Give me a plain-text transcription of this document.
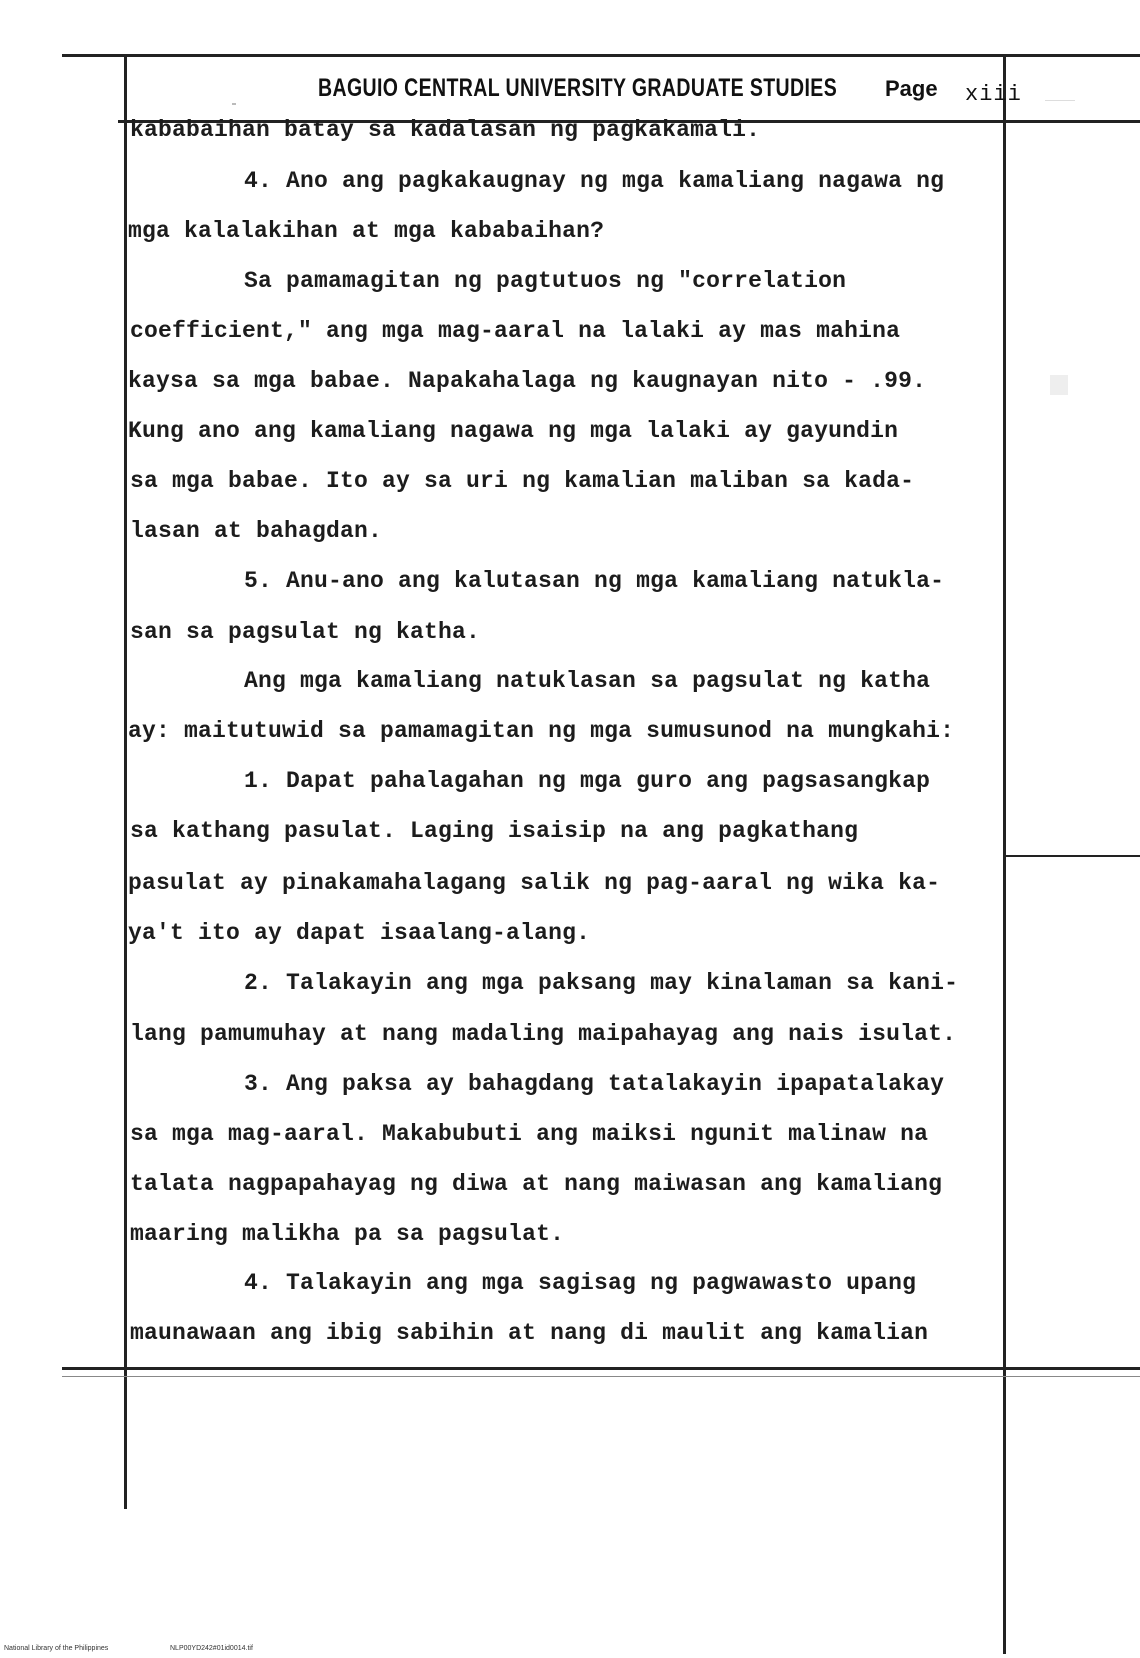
BAGUIO CENTRAL UNIVERSITY GRADUATE STUDIES Page xiii
kababaihan batay sa kadalasan ng pagkakamali.
4. Ano ang pagkakaugnay ng mga kamaliang nagawa ng
mga kalalakihan at mga kababaihan?
Sa pamamagitan ng pagtutuos ng "correlation
coefficient," ang mga mag-aaral na lalaki ay mas mahina
kaysa sa mga babae. Napakahalaga ng kaugnayan nito - .99.
Kung ano ang kamaliang nagawa ng mga lalaki ay gayundin
sa mga babae. Ito ay sa uri ng kamalian maliban sa kada-
lasan at bahagdan.
5. Anu-ano ang kalutasan ng mga kamaliang natukla-
san sa pagsulat ng katha.
Ang mga kamaliang natuklasan sa pagsulat ng katha
ay: maitutuwid sa pamamagitan ng mga sumusunod na mungkahi:
1. Dapat pahalagahan ng mga guro ang pagsasangkap
sa kathang pasulat. Laging isaisip na ang pagkathang
pasulat ay pinakamahalagang salik ng pag-aaral ng wika ka-
ya't ito ay dapat isaalang-alang.
2. Talakayin ang mga paksang may kinalaman sa kani-
lang pamumuhay at nang madaling maipahayag ang nais isulat.
3. Ang paksa ay bahagdang tatalakayin ipapatalakay
sa mga mag-aaral. Makabubuti ang maiksi ngunit malinaw na
talata nagpapahayag ng diwa at nang maiwasan ang kamaliang
maaring malikha pa sa pagsulat.
4. Talakayin ang mga sagisag ng pagwawasto upang
maunawaan ang ibig sabihin at nang di maulit ang kamalian
National Library of the Philippines	NLP00YD242#01id0014.tif
